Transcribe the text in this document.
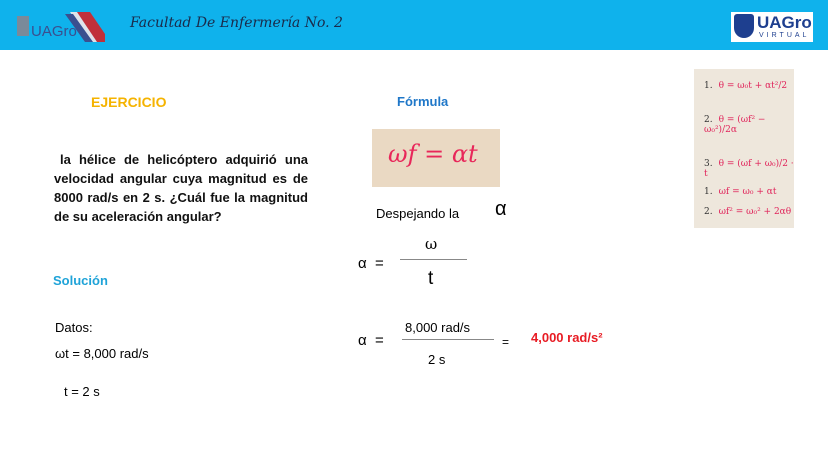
UAGro	Facultad De Enfermería No. 2	UAGro
VIRTUAL
EJERCICIO	Fórmula
la hélice de helicóptero adquirió una velocidad angular cuya magnitud es de 8000 rad/s en 2 s. ¿Cuál fue la magnitud de su aceleración angular?
Solución
Datos:
ωt = 8,000 rad/s
t = 2 s
ωf = αt
Despejando la α
α =
ω
t
α =
8,000 rad/s
2 s
= 4,000 rad/s²
1. θ = ω₀t + αt²/2
2. θ = (ωf² − ω₀²)/2α
3. θ = (ωf + ω₀)/2 · t
1. ωf = ω₀ + αt
2. ωf² = ω₀² + 2αθ
